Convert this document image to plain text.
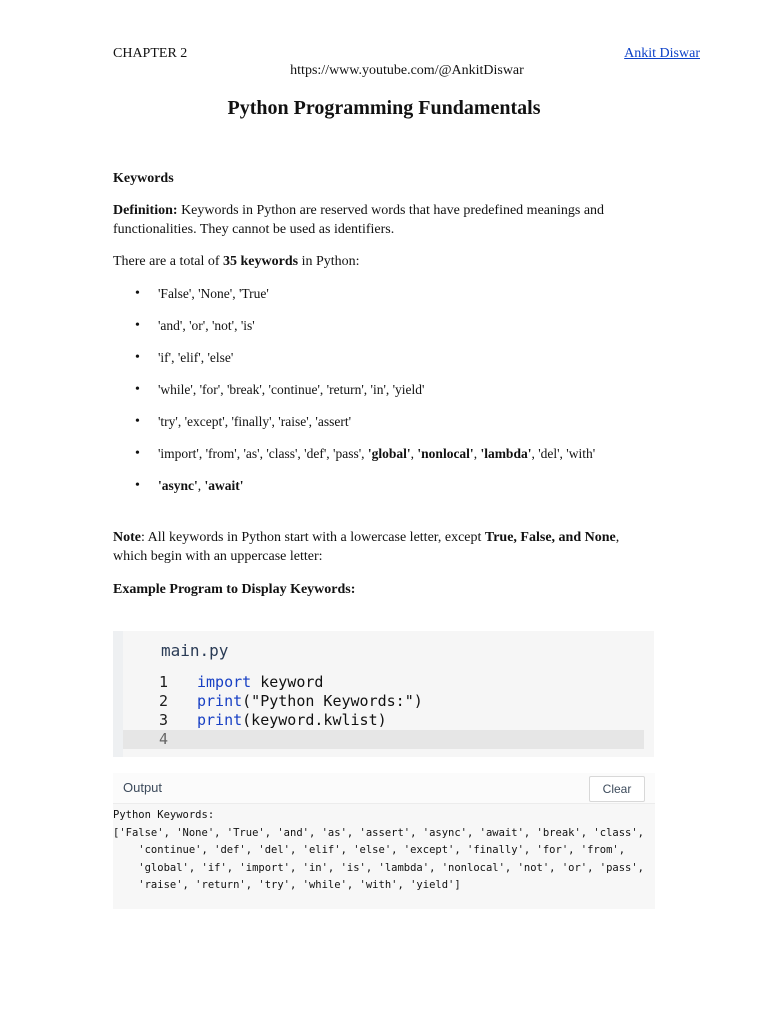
CHAPTER 2	Ankit Diswar
https://www.youtube.com/@AnkitDiswar
Python Programming Fundamentals
Keywords
Definition: Keywords in Python are reserved words that have predefined meanings and functionalities. They cannot be used as identifiers.
There are a total of 35 keywords in Python:
• 'False', 'None', 'True'
• 'and', 'or', 'not', 'is'
• 'if', 'elif', 'else'
• 'while', 'for', 'break', 'continue', 'return', 'in', 'yield'
• 'try', 'except', 'finally', 'raise', 'assert'
• 'import', 'from', 'as', 'class', 'def', 'pass', 'global', 'nonlocal', 'lambda', 'del', 'with'
• 'async', 'await'
Note: All keywords in Python start with a lowercase letter, except True, False, and None, which begin with an uppercase letter:
Example Program to Display Keywords:
main.py
1	import keyword
2	print("Python Keywords:")
3	print(keyword.kwlist)
4
Output	Clear
Python Keywords:
['False', 'None', 'True', 'and', 'as', 'assert', 'async', 'await', 'break', 'class',
'continue', 'def', 'del', 'elif', 'else', 'except', 'finally', 'for', 'from',
'global', 'if', 'import', 'in', 'is', 'lambda', 'nonlocal', 'not', 'or', 'pass',
'raise', 'return', 'try', 'while', 'with', 'yield']
